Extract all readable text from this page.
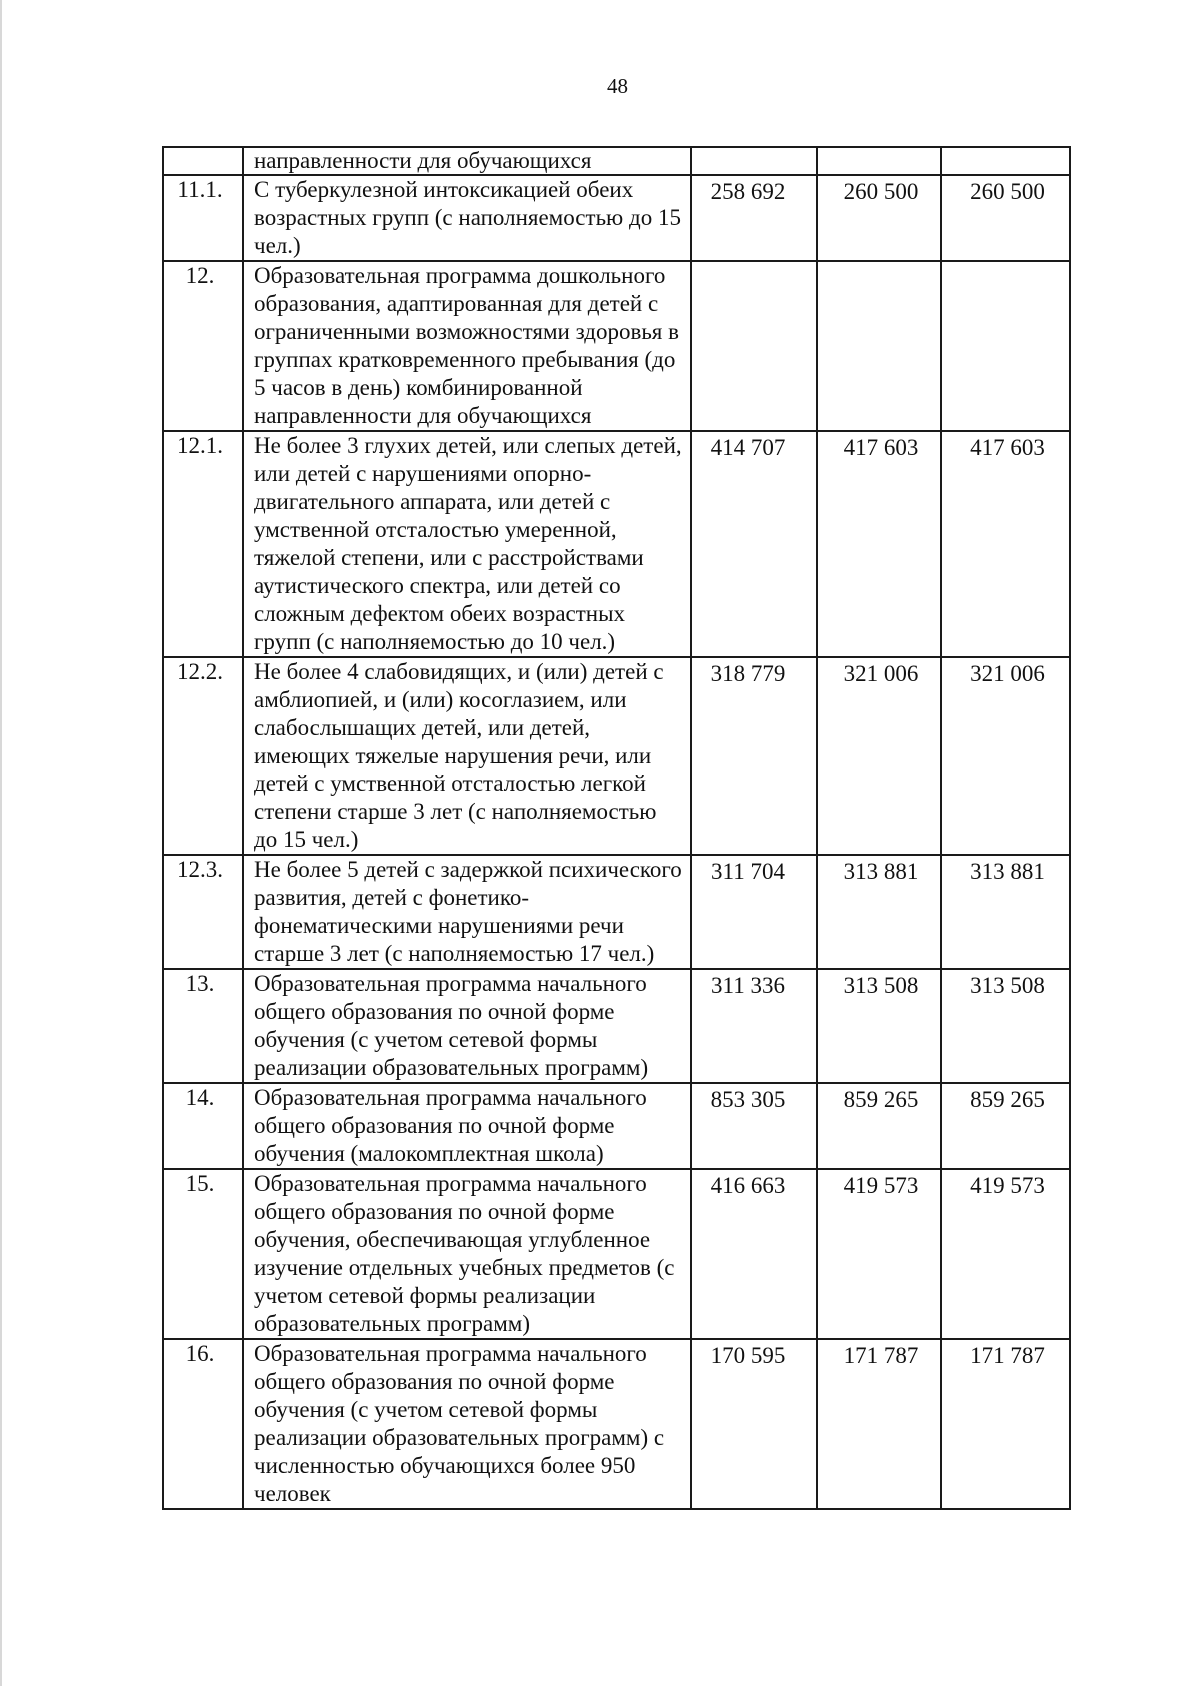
48
	направленности для обучающихся			
11.1.	С туберкулезной интоксикацией обеих возрастных групп (с наполняемостью до 15 чел.)	258 692	260 500	260 500
12.	Образовательная программа дошкольного образования, адаптированная для детей с ограниченными возможностями здоровья в группах кратковременного пребывания (до 5 часов в день) комбинированной направленности для обучающихся			
12.1.	Не более 3 глухих детей, или слепых детей, или детей с нарушениями опорно-двигательного аппарата, или детей с умственной отсталостью умеренной, тяжелой степени, или с расстройствами аутистического спектра, или детей со сложным дефектом обеих возрастных групп (с наполняемостью до 10 чел.)	414 707	417 603	417 603
12.2.	Не более 4 слабовидящих, и (или) детей с амблиопией, и (или) косоглазием, или слабослышащих детей, или детей, имеющих тяжелые нарушения речи, или детей с умственной отсталостью легкой степени старше 3 лет (с наполняемостью до 15 чел.)	318 779	321 006	321 006
12.3.	Не более 5 детей с задержкой психического развития, детей с фонетико-фонематическими нарушениями речи старше 3 лет (с наполняемостью 17 чел.)	311 704	313 881	313 881
13.	Образовательная программа начального общего образования по очной форме обучения (с учетом сетевой формы реализации образовательных программ)	311 336	313 508	313 508
14.	Образовательная программа начального общего образования по очной форме обучения (малокомплектная школа)	853 305	859 265	859 265
15.	Образовательная программа начального общего образования по очной форме обучения, обеспечивающая углубленное изучение отдельных учебных предметов (с учетом сетевой формы реализации образовательных программ)	416 663	419 573	419 573
16.	Образовательная программа начального общего образования по очной форме обучения (с учетом сетевой формы реализации образовательных программ) с численностью обучающихся более 950 человек	170 595	171 787	171 787
